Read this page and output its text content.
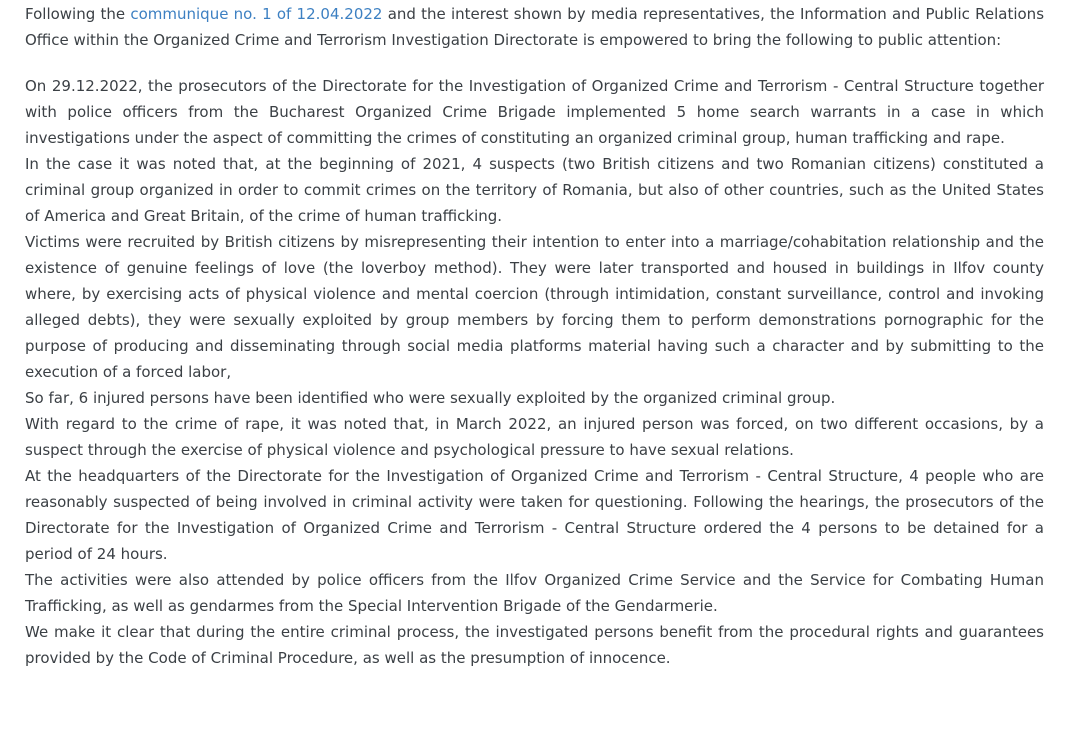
Following the communique no. 1 of 12.04.2022 and the interest shown by media representatives, the Information and Public Relations Office within the Organized Crime and Terrorism Investigation Directorate is empowered to bring the following to public attention:

On 29.12.2022, the prosecutors of the Directorate for the Investigation of Organized Crime and Terrorism - Central Structure together with police officers from the Bucharest Organized Crime Brigade implemented 5 home search warrants in a case in which investigations under the aspect of committing the crimes of constituting an organized criminal group, human trafficking and rape.

In the case it was noted that, at the beginning of 2021, 4 suspects (two British citizens and two Romanian citizens) constituted a criminal group organized in order to commit crimes on the territory of Romania, but also of other countries, such as the United States of America and Great Britain, of the crime of human trafficking.

Victims were recruited by British citizens by misrepresenting their intention to enter into a marriage/cohabitation relationship and the existence of genuine feelings of love (the loverboy method). They were later transported and housed in buildings in Ilfov county where, by exercising acts of physical violence and mental coercion (through intimidation, constant surveillance, control and invoking alleged debts), they were sexually exploited by group members by forcing them to perform demonstrations pornographic for the purpose of producing and disseminating through social media platforms material having such a character and by submitting to the execution of a forced labor,

So far, 6 injured persons have been identified who were sexually exploited by the organized criminal group.

With regard to the crime of rape, it was noted that, in March 2022, an injured person was forced, on two different occasions, by a suspect through the exercise of physical violence and psychological pressure to have sexual relations.

At the headquarters of the Directorate for the Investigation of Organized Crime and Terrorism - Central Structure, 4 people who are reasonably suspected of being involved in criminal activity were taken for questioning. Following the hearings, the prosecutors of the Directorate for the Investigation of Organized Crime and Terrorism - Central Structure ordered the 4 persons to be detained for a period of 24 hours.

The activities were also attended by police officers from the Ilfov Organized Crime Service and the Service for Combating Human Trafficking, as well as gendarmes from the Special Intervention Brigade of the Gendarmerie.

We make it clear that during the entire criminal process, the investigated persons benefit from the procedural rights and guarantees provided by the Code of Criminal Procedure, as well as the presumption of innocence.
